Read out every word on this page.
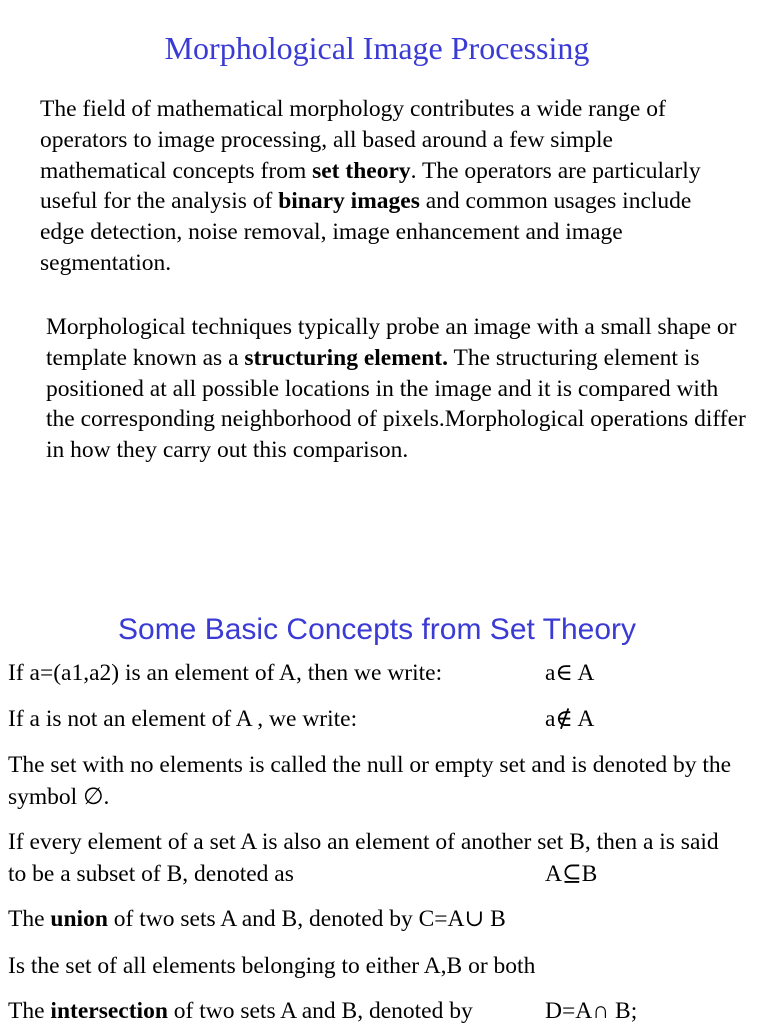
Morphological Image Processing
The field of mathematical morphology contributes a wide range of operators to image processing, all based around a few simple mathematical concepts from set theory. The operators are particularly useful for the analysis of binary images and common usages include edge detection, noise removal, image enhancement and image segmentation.
Morphological techniques typically probe an image with a small shape or template known as a structuring element. The structuring element is positioned at all possible locations in the image and it is compared with the corresponding neighborhood of pixels.Morphological operations differ in how they carry out this comparison.
Some Basic Concepts from Set Theory
If a=(a1,a2) is an element of A, then we write:	a∈ A
If a is not an element of A , we write:	a∉ A
The set with no elements is called the null or empty set and is denoted by the symbol ∅.
If every element of a set A is also an element of another set B, then a is said to be a subset of B, denoted as	A⊆B
The union of two sets A and B, denoted by C=A∪ B
Is the set of all elements belonging to either A,B or both
The intersection of two sets A and B, denoted by	D=A∩ B;
